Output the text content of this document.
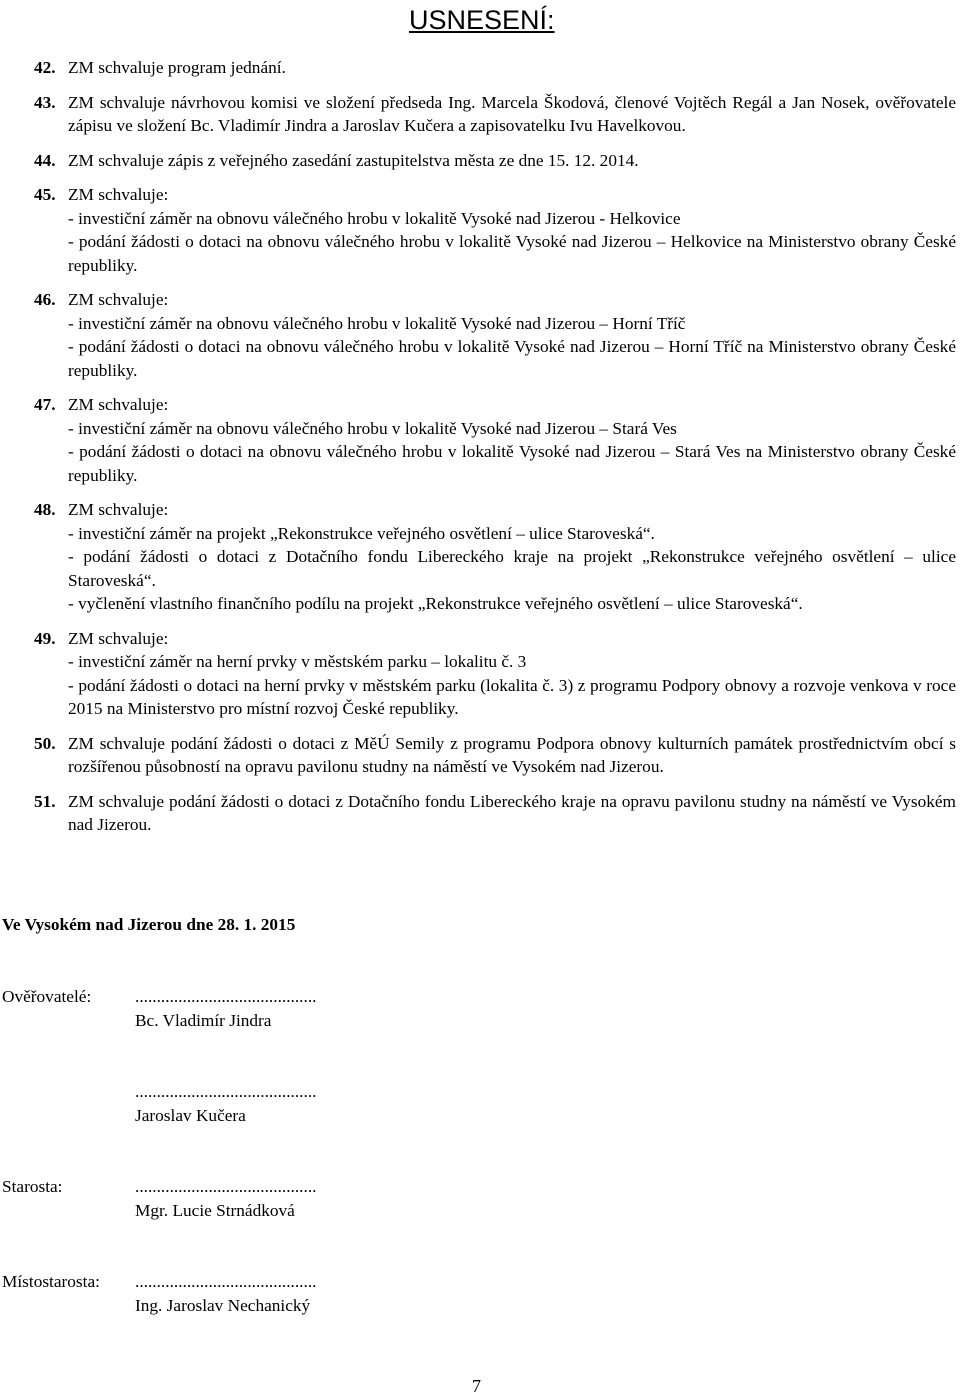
USNESENÍ:
42. ZM schvaluje program jednání.
43. ZM schvaluje návrhovou komisi ve složení předseda Ing. Marcela Škodová, členové Vojtěch Regál a Jan Nosek, ověřovatele zápisu ve složení Bc. Vladimír Jindra a Jaroslav Kučera a zapisovatelku Ivu Havelkovou.
44. ZM schvaluje zápis z veřejného zasedání zastupitelstva města ze dne 15. 12. 2014.
45. ZM schvaluje:
- investiční záměr na obnovu válečného hrobu v lokalitě Vysoké nad Jizerou - Helkovice
- podání žádosti o dotaci na obnovu válečného hrobu v lokalitě Vysoké nad Jizerou – Helkovice na Ministerstvo obrany České republiky.
46. ZM schvaluje:
- investiční záměr na obnovu válečného hrobu v lokalitě Vysoké nad Jizerou – Horní Tříč
- podání žádosti o dotaci na obnovu válečného hrobu v lokalitě Vysoké nad Jizerou – Horní Tříč na Ministerstvo obrany České republiky.
47. ZM schvaluje:
- investiční záměr na obnovu válečného hrobu v lokalitě Vysoké nad Jizerou – Stará Ves
- podání žádosti o dotaci na obnovu válečného hrobu v lokalitě Vysoké nad Jizerou – Stará Ves na Ministerstvo obrany České republiky.
48. ZM schvaluje:
- investiční záměr na projekt „Rekonstrukce veřejného osvětlení – ulice Staroveská“.
- podání žádosti o dotaci z Dotačního fondu Libereckého kraje na projekt „Rekonstrukce veřejného osvětlení – ulice Staroveská“.
- vyčlenění vlastního finančního podílu na projekt „Rekonstrukce veřejného osvětlení – ulice Staroveská“.
49. ZM schvaluje:
- investiční záměr na herní prvky v městském parku – lokalitu č. 3
- podání žádosti o dotaci na herní prvky v městském parku (lokalita č. 3) z programu Podpory obnovy a rozvoje venkova v roce 2015 na Ministerstvo pro místní rozvoj České republiky.
50. ZM schvaluje podání žádosti o dotaci z MěÚ Semily z programu Podpora obnovy kulturních památek prostřednictvím obcí s rozšířenou působností na opravu pavilonu studny na náměstí ve Vysokém nad Jizerou.
51. ZM schvaluje podání žádosti o dotaci z Dotačního fondu Libereckého kraje na opravu pavilonu studny na náměstí ve Vysokém nad Jizerou.
Ve Vysokém nad Jizerou dne 28. 1. 2015
Ověřovatelé:	..........................................
Bc. Vladimír Jindra
..........................................
Jaroslav Kučera
Starosta:	..........................................
Mgr. Lucie Strnádková
Místostarosta: ..........................................
Ing. Jaroslav Nechanický
7
